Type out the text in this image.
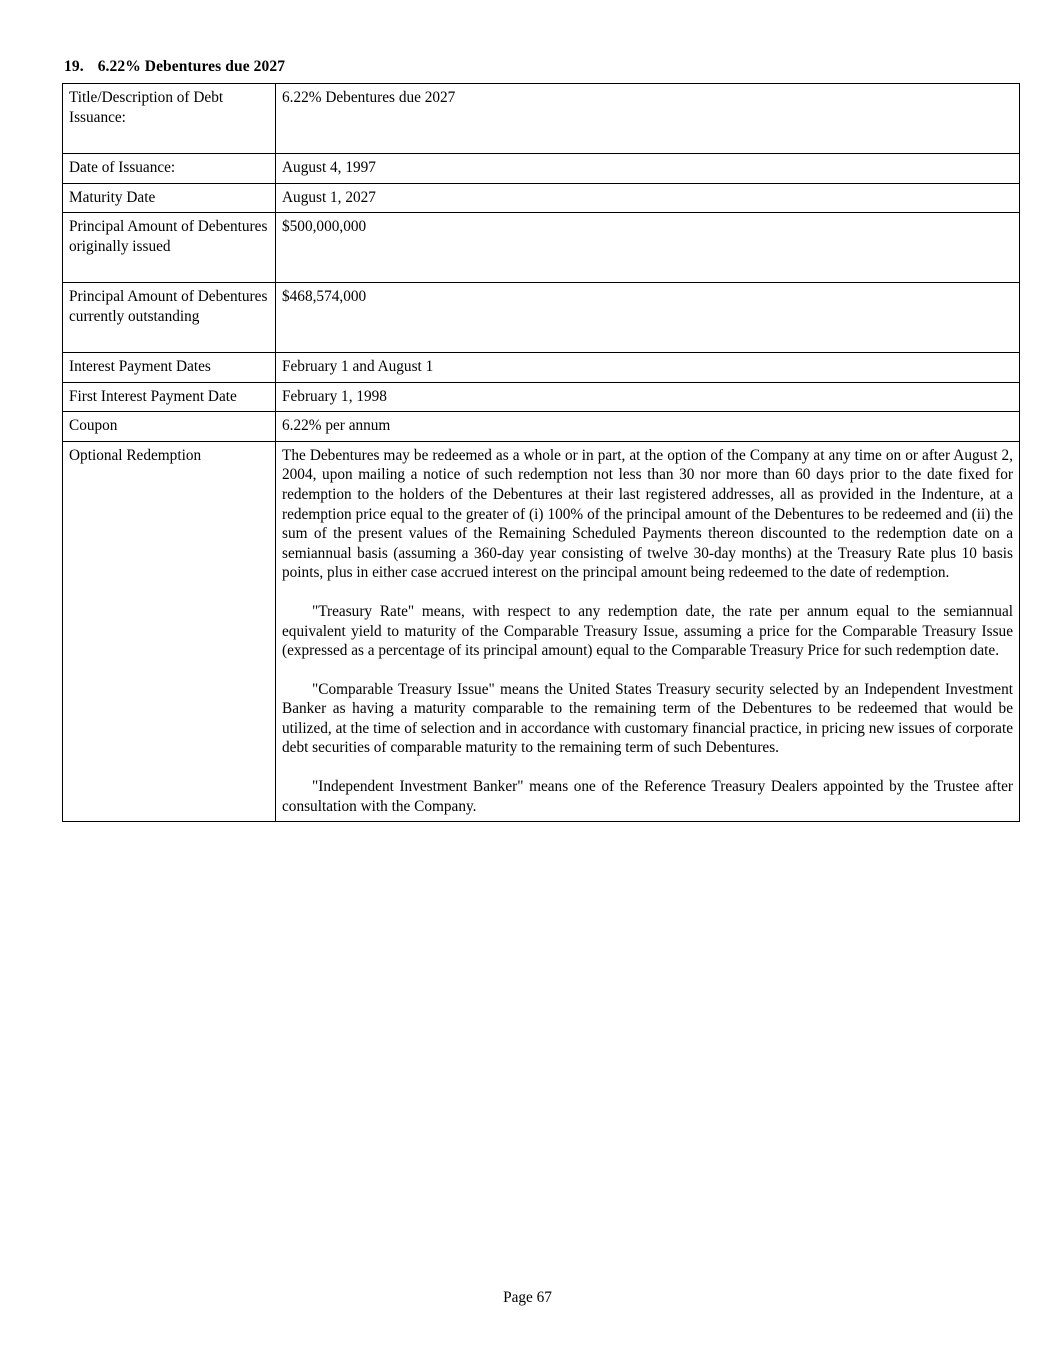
19. 6.22% Debentures due 2027
Title/Description of Debt Issuance:	6.22% Debentures due 2027
Date of Issuance:	August 4, 1997
Maturity Date	August 1, 2027
Principal Amount of Debentures originally issued	$500,000,000
Principal Amount of Debentures currently outstanding	$468,574,000
Interest Payment Dates	February 1 and August 1
First Interest Payment Date	February 1, 1998
Coupon	6.22% per annum
Optional Redemption	The Debentures may be redeemed as a whole or in part, at the option of the Company at any time on or after August 2, 2004, upon mailing a notice of such redemption not less than 30 nor more than 60 days prior to the date fixed for redemption to the holders of the Debentures at their last registered addresses, all as provided in the Indenture, at a redemption price equal to the greater of (i) 100% of the principal amount of the Debentures to be redeemed and (ii) the sum of the present values of the Remaining Scheduled Payments thereon discounted to the redemption date on a semiannual basis (assuming a 360-day year consisting of twelve 30-day months) at the Treasury Rate plus 10 basis points, plus in either case accrued interest on the principal amount being redeemed to the date of redemption.

"Treasury Rate" means, with respect to any redemption date, the rate per annum equal to the semiannual equivalent yield to maturity of the Comparable Treasury Issue, assuming a price for the Comparable Treasury Issue (expressed as a percentage of its principal amount) equal to the Comparable Treasury Price for such redemption date.

"Comparable Treasury Issue" means the United States Treasury security selected by an Independent Investment Banker as having a maturity comparable to the remaining term of the Debentures to be redeemed that would be utilized, at the time of selection and in accordance with customary financial practice, in pricing new issues of corporate debt securities of comparable maturity to the remaining term of such Debentures.

"Independent Investment Banker" means one of the Reference Treasury Dealers appointed by the Trustee after consultation with the Company.

Page 67
